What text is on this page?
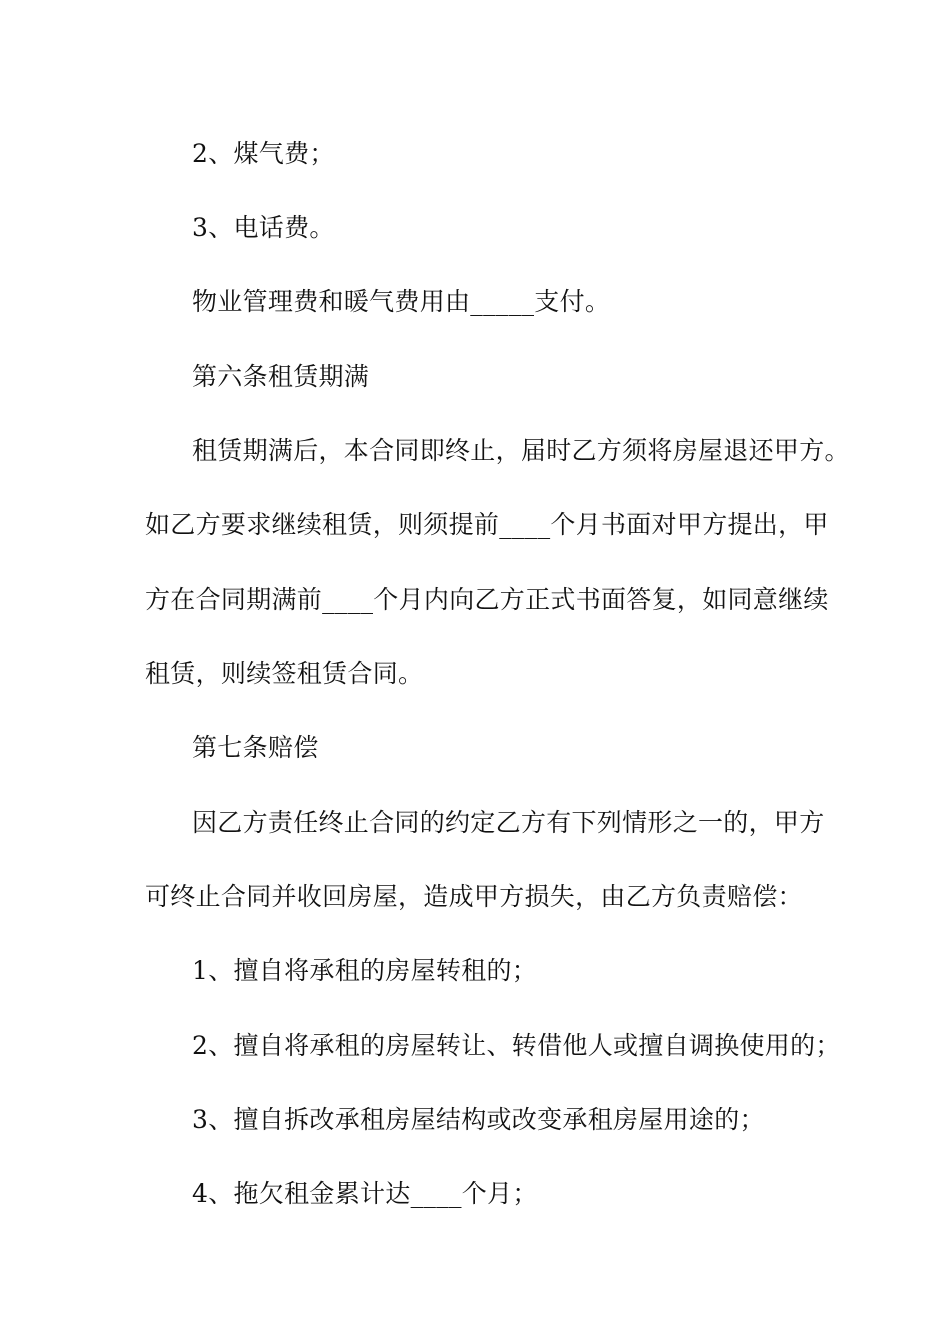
2、煤气费；
3、电话费。
物业管理费和暖气费用由_____支付。
第六条租赁期满
租赁期满后，本合同即终止，届时乙方须将房屋退还甲方。
如乙方要求继续租赁，则须提前____个月书面对甲方提出，甲
方在合同期满前____个月内向乙方正式书面答复，如同意继续
租赁，则续签租赁合同。
第七条赔偿
因乙方责任终止合同的约定乙方有下列情形之一的，甲方
可终止合同并收回房屋，造成甲方损失，由乙方负责赔偿：
1、擅自将承租的房屋转租的；
2、擅自将承租的房屋转让、转借他人或擅自调换使用的；
3、擅自拆改承租房屋结构或改变承租房屋用途的；
4、拖欠租金累计达____个月；
